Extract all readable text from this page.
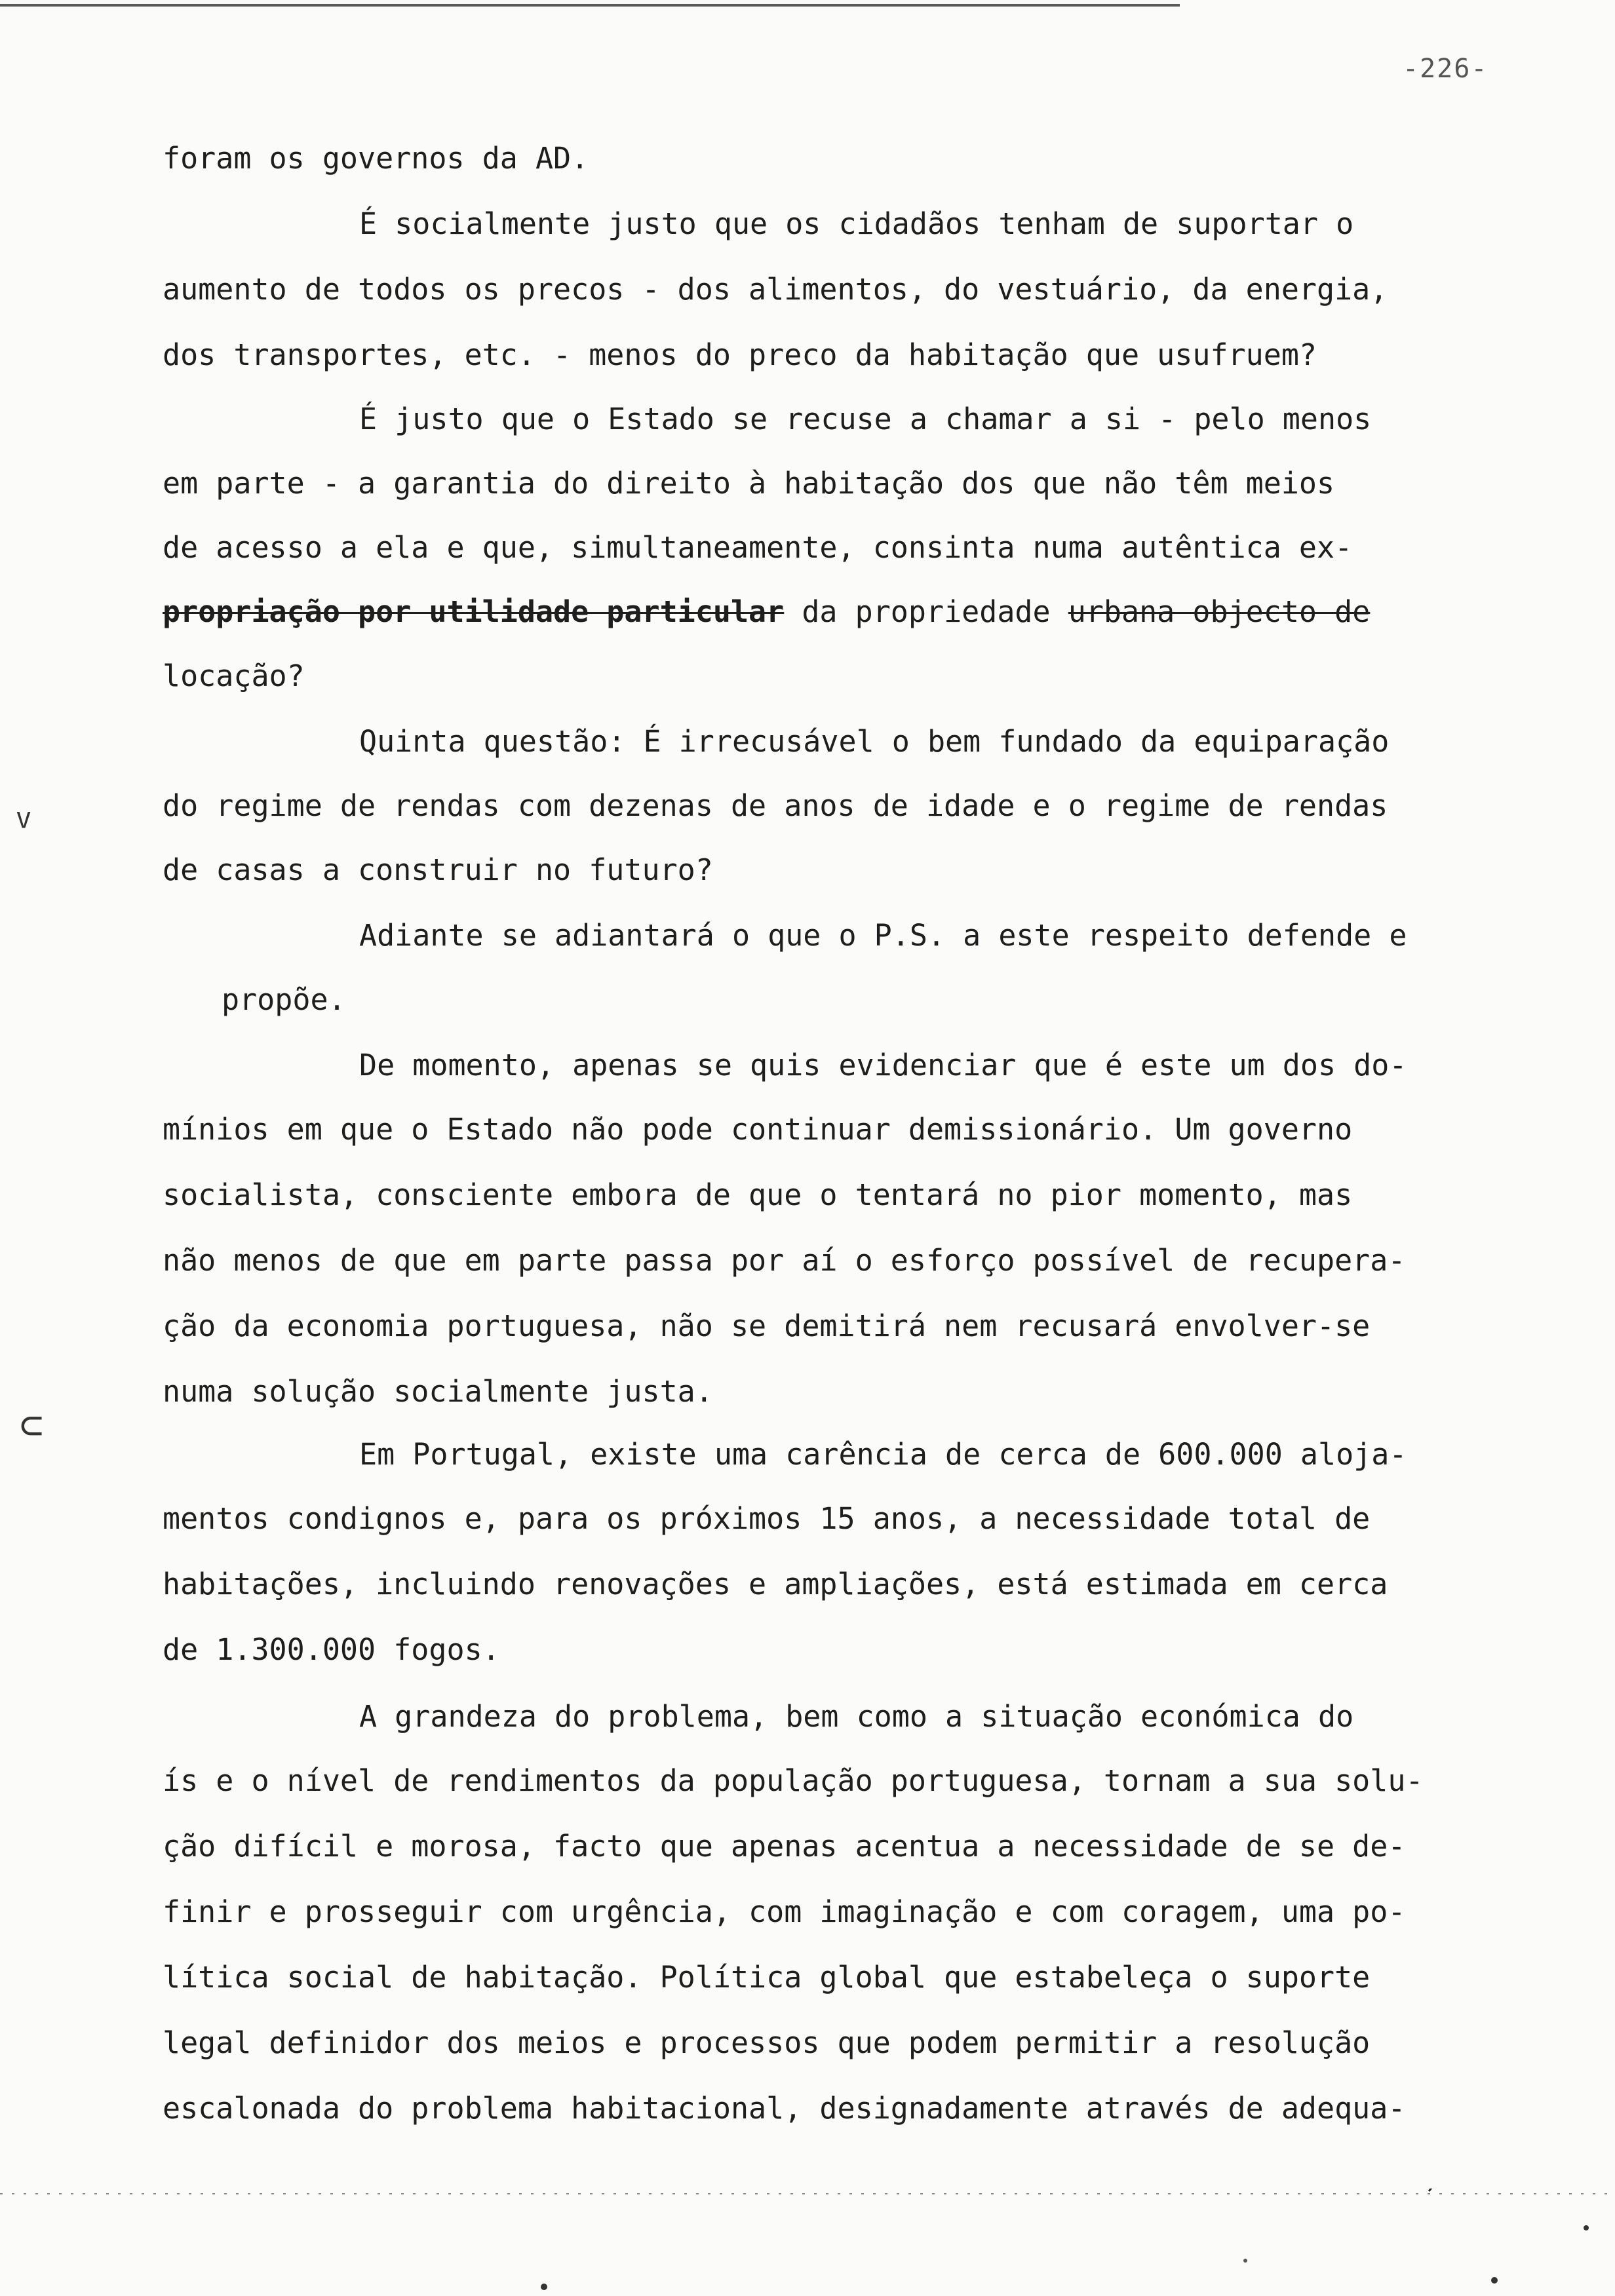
-226-
ⱽ
⊂
foram os governos da AD.
É socialmente justo que os cidadãos tenham de suportar o
aumento de todos os precos - dos alimentos, do vestuário, da energia,
dos transportes, etc. - menos do preco da habitação que usufruem?
É justo que o Estado se recuse a chamar a si - pelo menos
em parte - a garantia do direito à habitação dos que não têm meios
de acesso a ela e que, simultaneamente, consinta numa autêntica ex-
propriação por utilidade particular da propriedade urbana objecto de
locação?
Quinta questão: É irrecusável o bem fundado da equiparação
do regime de rendas com dezenas de anos de idade e o regime de rendas
de casas a construir no futuro?
Adiante se adiantará o que o P.S. a este respeito defende e
propõe.
De momento, apenas se quis evidenciar que é este um dos do-
mínios em que o Estado não pode continuar demissionário. Um governo
socialista, consciente embora de que o tentará no pior momento, mas
não menos de que em parte passa por aí o esforço possível de recupera-
ção da economia portuguesa, não se demitirá nem recusará envolver-se
numa solução socialmente justa.
Em Portugal, existe uma carência de cerca de 600.000 aloja-
mentos condignos e, para os próximos 15 anos, a necessidade total de
habitações, incluindo renovações e ampliações, está estimada em cerca
de 1.300.000 fogos.
A grandeza do problema, bem como a situação económica do
ís e o nível de rendimentos da população portuguesa, tornam a sua solu-
ção difícil e morosa, facto que apenas acentua a necessidade de se de-
finir e prosseguir com urgência, com imaginação e com coragem, uma po-
lítica social de habitação. Política global que estabeleça o suporte
legal definidor dos meios e processos que podem permitir a resolução
escalonada do problema habitacional, designadamente através de adequa-
